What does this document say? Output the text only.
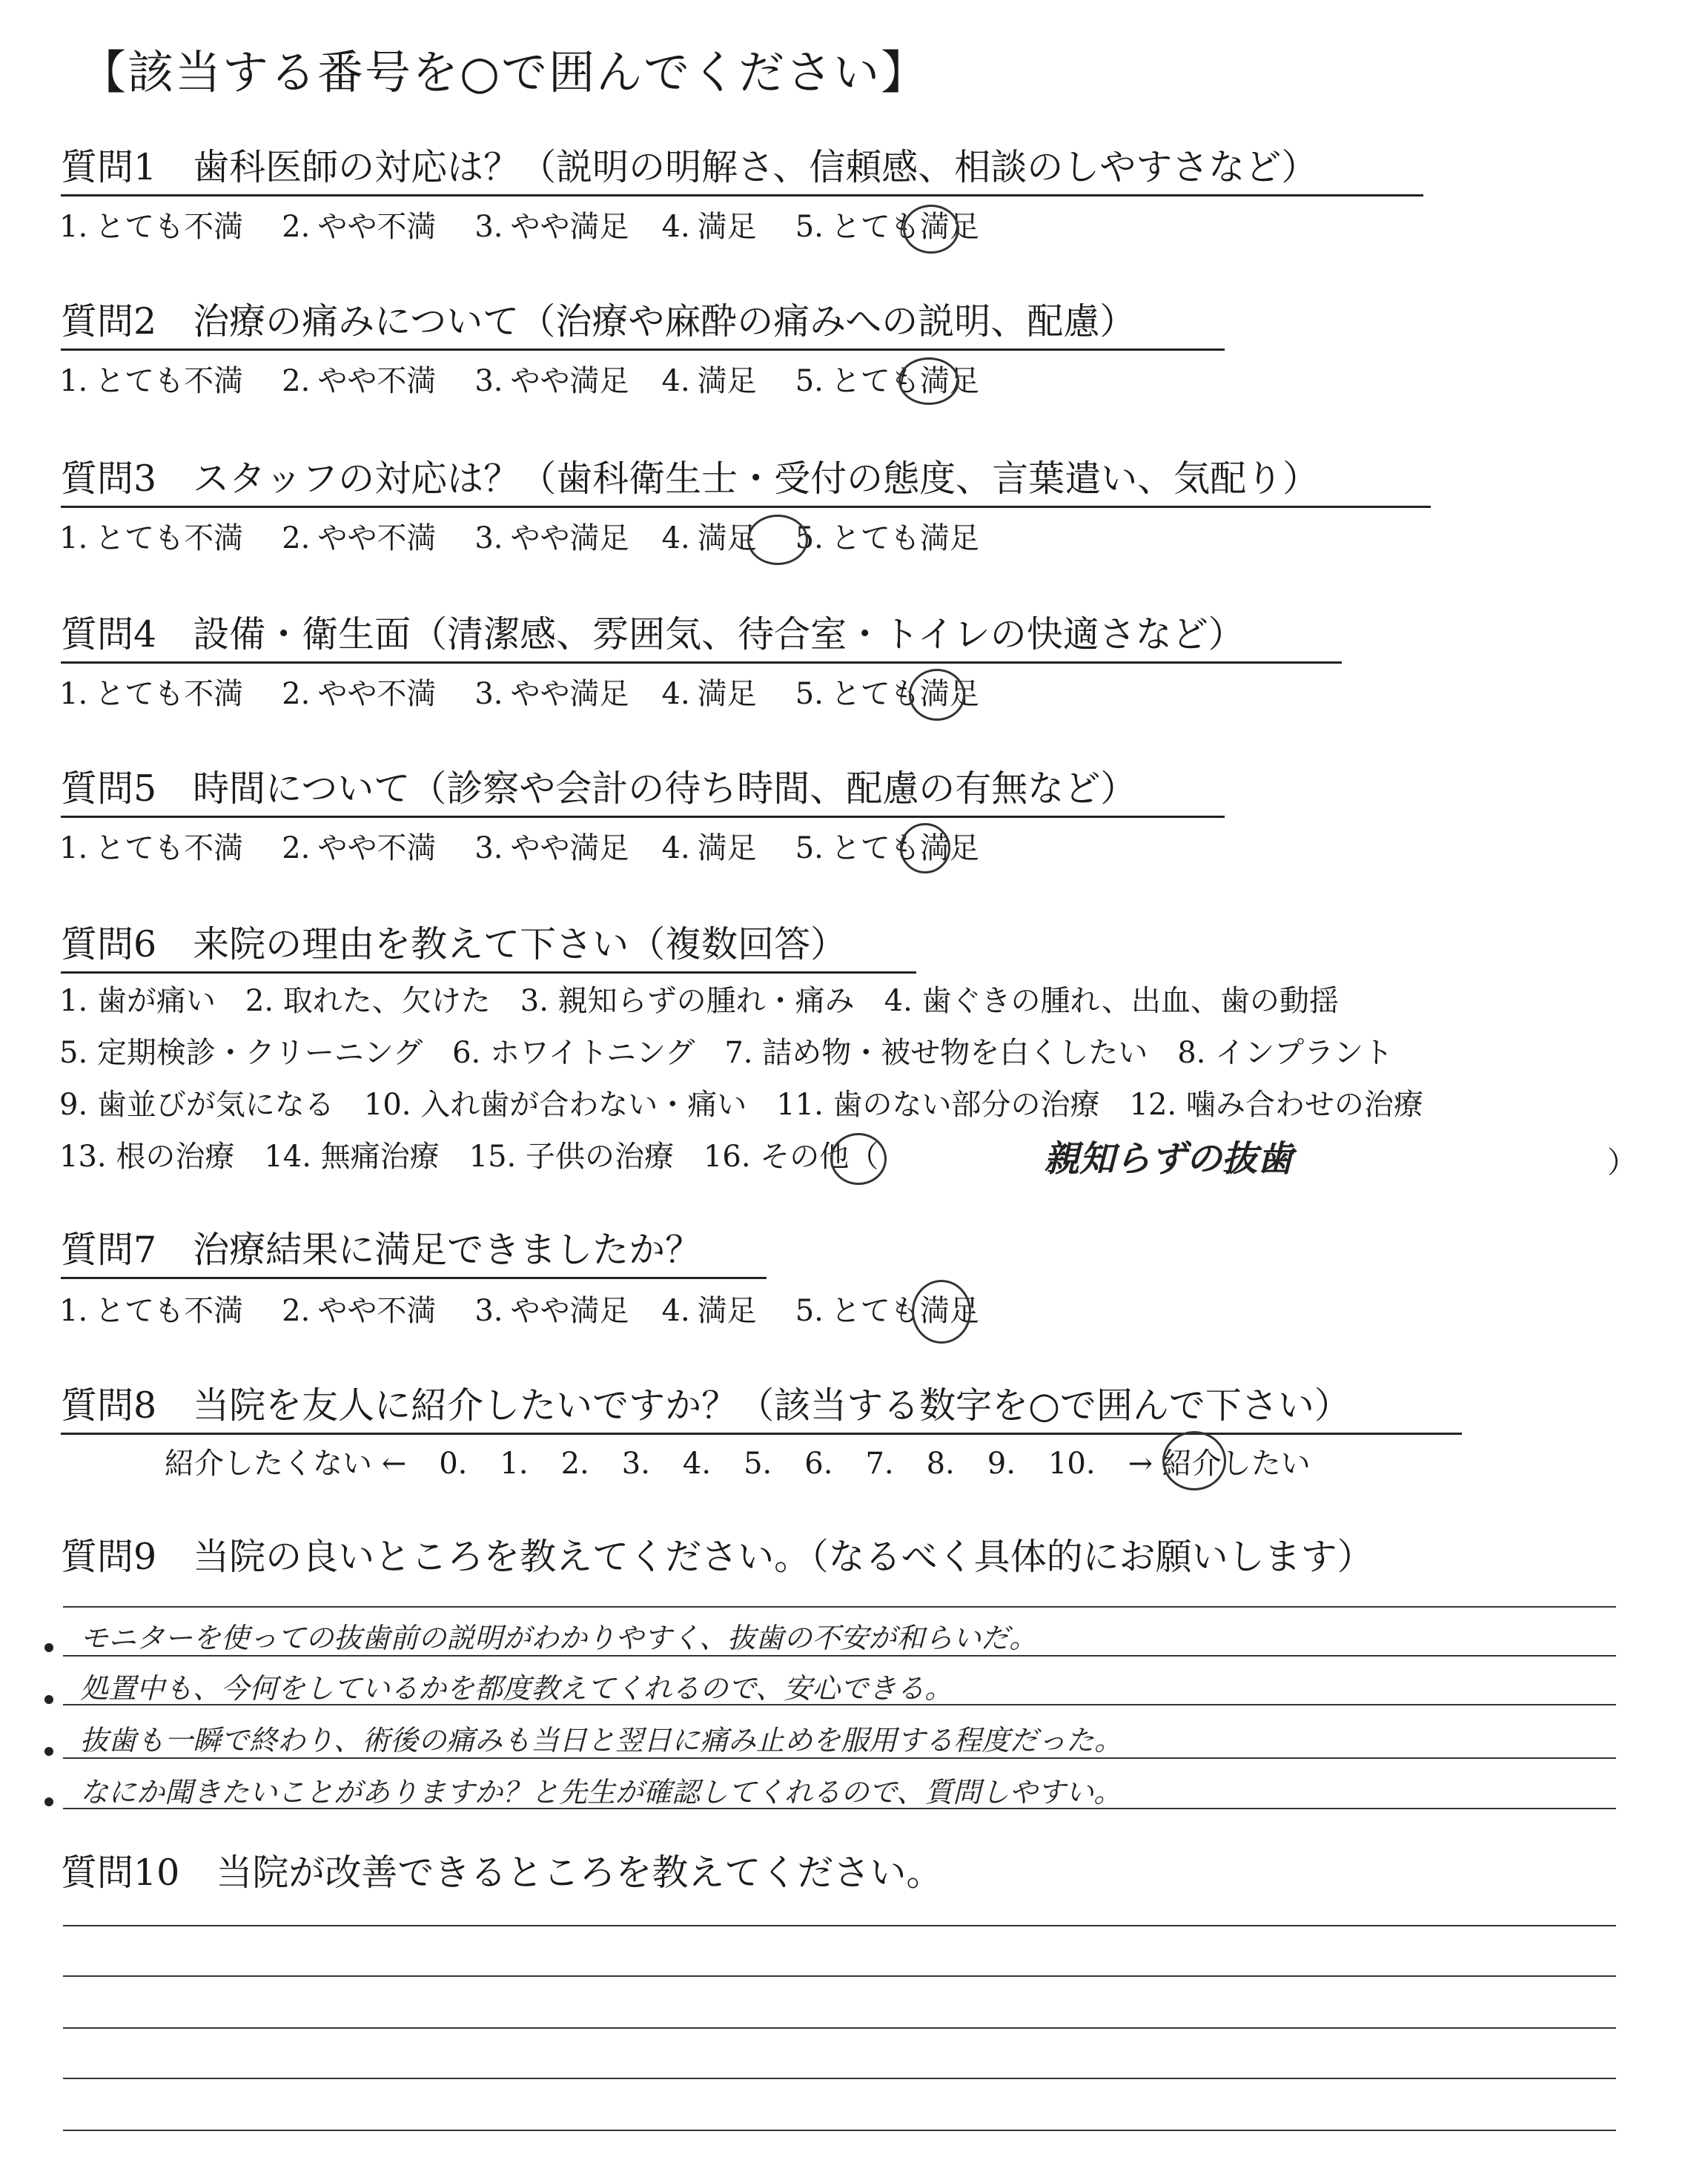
【該当する番号を○で囲んでください】
質問1　歯科医師の対応は？（説明の明解さ、信頼感、相談のしやすさなど）
1. とても不満 2. やや不満 3. やや満足 4. 満足 5. とても満足
質問2　治療の痛みについて（治療や麻酔の痛みへの説明、配慮）
1. とても不満 2. やや不満 3. やや満足 4. 満足 5. とても満足
質問3　スタッフの対応は？（歯科衛生士・受付の態度、言葉遣い、気配り）
1. とても不満 2. やや不満 3. やや満足 4. 満足 5. とても満足
質問4　設備・衛生面（清潔感、雰囲気、待合室・トイレの快適さなど）
1. とても不満 2. やや不満 3. やや満足 4. 満足 5. とても満足
質問5　時間について（診察や会計の待ち時間、配慮の有無など）
1. とても不満 2. やや不満 3. やや満足 4. 満足 5. とても満足
質問6　来院の理由を教えて下さい（複数回答）
1. 歯が痛い　2. 取れた、欠けた　3. 親知らずの腫れ・痛み　4. 歯ぐきの腫れ、出血、歯の動揺
5. 定期検診・クリーニング　6. ホワイトニング　7. 詰め物・被せ物を白くしたい　8. インプラント
9. 歯並びが気になる　10. 入れ歯が合わない・痛い　11. 歯のない部分の治療　12. 噛み合わせの治療
13. 根の治療　14. 無痛治療　15. 子供の治療　16. その他（	親知らずの抜歯	）
質問7　治療結果に満足できましたか？
1. とても不満 2. やや不満 3. やや満足 4. 満足 5. とても満足
質問8　当院を友人に紹介したいですか？（該当する数字を○で囲んで下さい）
紹介したくない ← 0. 1. 2. 3. 4. 5. 6. 7. 8. 9. 10. → 紹介したい
質問9　当院の良いところを教えてください。（なるべく具体的にお願いします）
モニターを使っての抜歯前の説明がわかりやすく、抜歯の不安が和らいだ。
処置中も、今何をしているかを都度教えてくれるので、安心できる。
抜歯も一瞬で終わり、術後の痛みも当日と翌日に痛み止めを服用する程度だった。
なにか聞きたいことがありますか？と先生が確認してくれるので、質問しやすい。
質問10　当院が改善できるところを教えてください。
